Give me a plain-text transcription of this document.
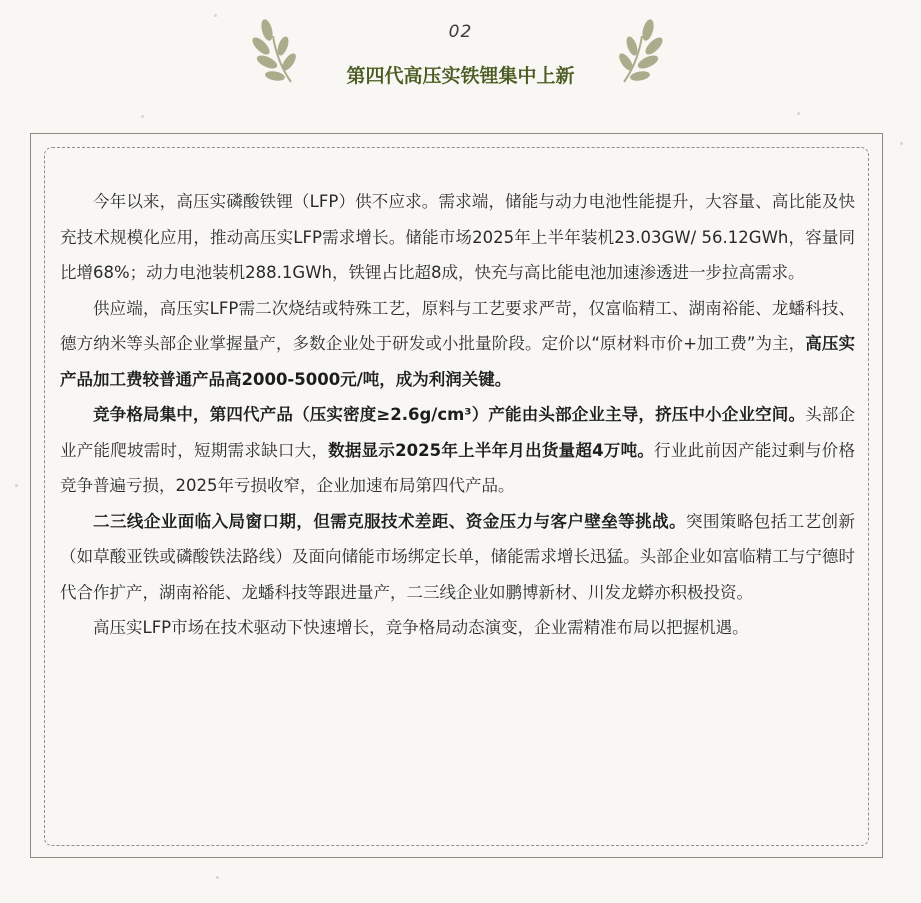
02
第四代高压实铁锂集中上新

今年以来，高压实磷酸铁锂（LFP）供不应求。需求端，储能与动力电池性能提升，大容量、高比能及快充技术规模化应用，推动高压实LFP需求增长。储能市场2025年上半年装机23.03GW/ 56.12GWh，容量同比增68%；动力电池装机288.1GWh，铁锂占比超8成，快充与高比能电池加速渗透进一步拉高需求。

供应端，高压实LFP需二次烧结或特殊工艺，原料与工艺要求严苛，仅富临精工、湖南裕能、龙蟠科技、德方纳米等头部企业掌握量产，多数企业处于研发或小批量阶段。定价以“原材料市价+加工费”为主，高压实产品加工费较普通产品高2000-5000元/吨，成为利润关键。

竞争格局集中，第四代产品（压实密度≥2.6g/cm³）产能由头部企业主导，挤压中小企业空间。头部企业产能爬坡需时，短期需求缺口大，数据显示2025年上半年月出货量超4万吨。行业此前因产能过剩与价格竞争普遍亏损，2025年亏损收窄，企业加速布局第四代产品。

二三线企业面临入局窗口期，但需克服技术差距、资金压力与客户壁垒等挑战。突围策略包括工艺创新（如草酸亚铁或磷酸铁法路线）及面向储能市场绑定长单，储能需求增长迅猛。头部企业如富临精工与宁德时代合作扩产，湖南裕能、龙蟠科技等跟进量产，二三线企业如鹏博新材、川发龙蟒亦积极投资。

高压实LFP市场在技术驱动下快速增长，竞争格局动态演变，企业需精准布局以把握机遇。
